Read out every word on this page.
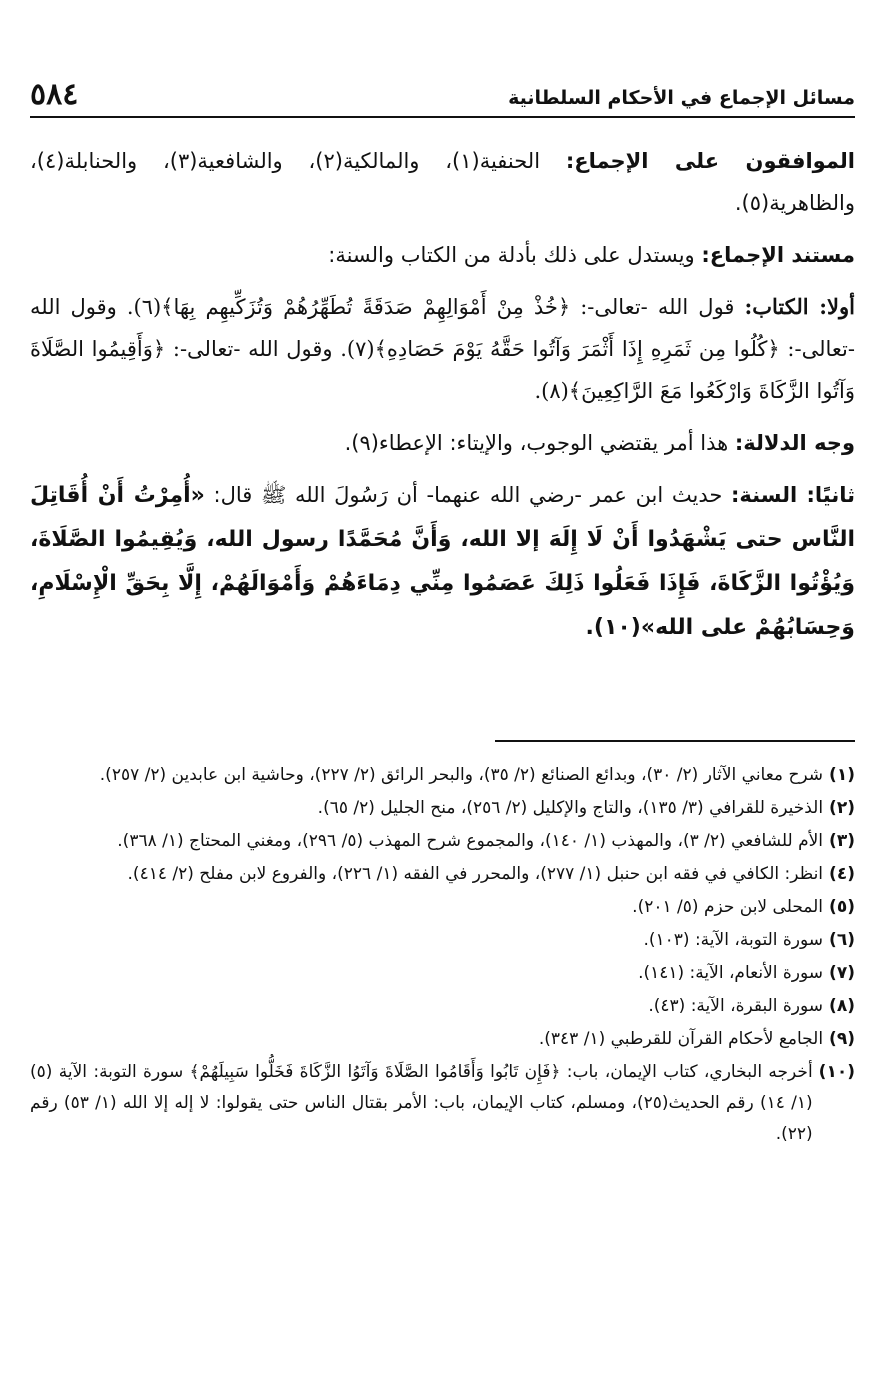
مسائل الإجماع في الأحكام السلطانية
٥٨٤

الموافقون على الإجماع: الحنفية(١)، والمالكية(٢)، والشافعية(٣)، والحنابلة(٤)، والظاهرية(٥).

مستند الإجماع: ويستدل على ذلك بأدلة من الكتاب والسنة:

أولا: الكتاب: قول الله -تعالى-: ﴿خُذْ مِنْ أَمْوَالِهِمْ صَدَقَةً تُطَهِّرُهُمْ وَتُزَكِّيهِم بِهَا﴾(٦). وقول الله -تعالى-: ﴿كُلُوا مِن ثَمَرِهِ إِذَا أَثْمَرَ وَآتُوا حَقَّهُ يَوْمَ حَصَادِهِ﴾(٧). وقول الله -تعالى-: ﴿وَأَقِيمُوا الصَّلَاةَ وَآتُوا الزَّكَاةَ وَارْكَعُوا مَعَ الرَّاكِعِينَ﴾(٨).

وجه الدلالة: هذا أمر يقتضي الوجوب، والإيتاء: الإعطاء(٩).

ثانيًا: السنة: حديث ابن عمر -رضي الله عنهما- أن رَسُولَ الله ﷺ قال: «أُمِرْتُ أَنْ أُقَاتِلَ النَّاس حتى يَشْهَدُوا أَنْ لَا إِلَهَ إلا الله، وَأَنَّ مُحَمَّدًا رسول الله، وَيُقِيمُوا الصَّلَاةَ، وَيُؤْتُوا الزَّكَاةَ، فَإِذَا فَعَلُوا ذَلِكَ عَصَمُوا مِنِّي دِمَاءَهُمْ وَأَمْوَالَهُمْ، إِلَّا بِحَقِّ الْإِسْلَامِ، وَحِسَابُهُمْ على الله»(١٠).

(١)
شرح معاني الآثار (٢/ ٣٠)، وبدائع الصنائع (٢/ ٣٥)، والبحر الرائق (٢/ ٢٢٧)، وحاشية ابن عابدين (٢/ ٢٥٧).
(٢)
الذخيرة للقرافي (٣/ ١٣٥)، والتاج والإكليل (٢/ ٢٥٦)، منح الجليل (٢/ ٦٥).
(٣)
الأم للشافعي (٢/ ٣)، والمهذب (١/ ١٤٠)، والمجموع شرح المهذب (٥/ ٢٩٦)، ومغني المحتاج (١/ ٣٦٨).
(٤)
انظر: الكافي في فقه ابن حنبل (١/ ٢٧٧)، والمحرر في الفقه (١/ ٢٢٦)، والفروع لابن مفلح (٢/ ٤١٤).
(٥)
المحلى لابن حزم (٥/ ٢٠١).
(٦)
سورة التوبة، الآية: (١٠٣).
(٧)
سورة الأنعام، الآية: (١٤١).
(٨)
سورة البقرة، الآية: (٤٣).
(٩)
الجامع لأحكام القرآن للقرطبي (١/ ٣٤٣).
(١٠)
أخرجه البخاري، كتاب الإيمان، باب: ﴿فَإِن تَابُوا وَأَقَامُوا الصَّلَاةَ وَآتَوُا الزَّكَاةَ فَخَلُّوا سَبِيلَهُمْ﴾ سورة التوبة: الآية (٥) (١/ ١٤) رقم الحديث(٢٥)، ومسلم، كتاب الإيمان، باب: الأمر بقتال الناس حتى يقولوا: لا إله إلا الله (١/ ٥٣) رقم (٢٢).
